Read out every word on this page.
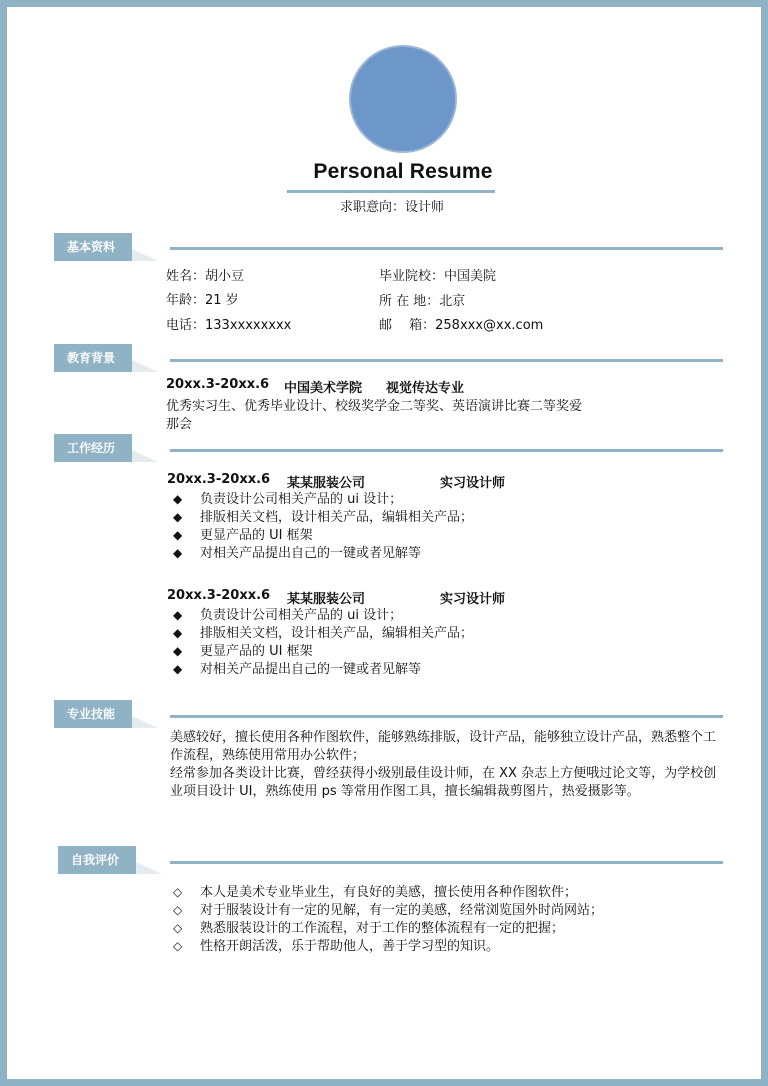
Personal Resume
求职意向：设计师
基本资料
姓名：胡小豆	毕业院校：中国美院
年龄：21 岁	所 在 地：北京
电话：133xxxxxxxx	邮　 箱：258xxx@xx.com
教育背景
20xx.3-20xx.6 中国美术学院 视觉传达专业
优秀实习生、优秀毕业设计、校级奖学金二等奖、英语演讲比赛二等奖爱
那会
工作经历
20xx.3-20xx.6 某某服装公司	实习设计师
◆ 负责设计公司相关产品的 ui 设计；
◆ 排版相关文档，设计相关产品，编辑相关产品；
◆ 更显产品的 UI 框架
◆ 对相关产品提出自己的一键或者见解等
20xx.3-20xx.6 某某服装公司	实习设计师
◆ 负责设计公司相关产品的 ui 设计；
◆ 排版相关文档，设计相关产品，编辑相关产品；
◆ 更显产品的 UI 框架
◆ 对相关产品提出自己的一键或者见解等
专业技能

美感较好，擅长使用各种作图软件，能够熟练排版，设计产品，能够独立设计产品，熟悉整个工作流程，熟练使用常用办公软件；

经常参加各类设计比赛，曾经获得小级别最佳设计师，在 XX 杂志上方便哦过论文等，为学校创业项目设计 UI，熟练使用 ps 等常用作图工具，擅长编辑裁剪图片，热爱摄影等。

自我评价
◇ 本人是美术专业毕业生，有良好的美感，擅长使用各种作图软件；
◇ 对于服装设计有一定的见解，有一定的美感，经常浏览国外时尚网站；
◇ 熟悉服装设计的工作流程，对于工作的整体流程有一定的把握；
◇ 性格开朗活泼，乐于帮助他人，善于学习型的知识。
